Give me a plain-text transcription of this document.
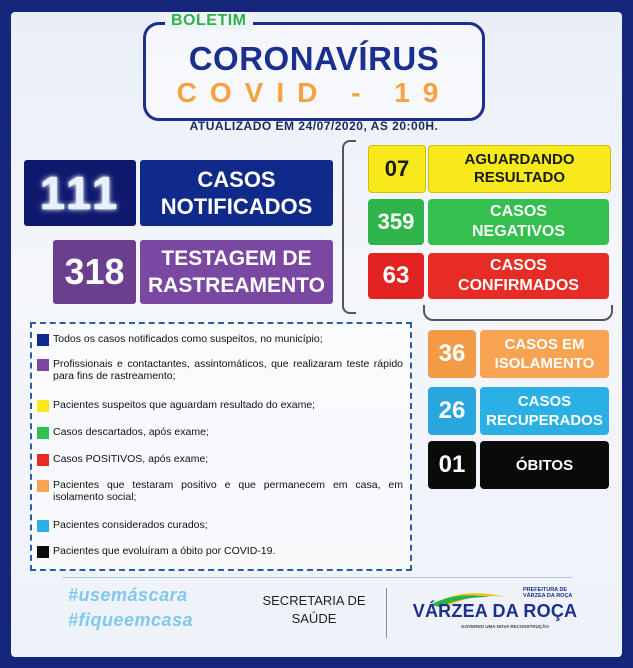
BOLETIM
CORONAVÍRUS
COVID - 19
ATUALIZADO EM 24/07/2020, AS 20:00H.
111	CASOS
NOTIFICADOS
318	TESTAGEM DE
RASTREAMENTO
07	AGUARDANDO
RESULTADO
359	CASOS
NEGATIVOS
63	CASOS
CONFIRMADOS
36	CASOS EM
ISOLAMENTO
26	CASOS
RECUPERADOS
01	ÓBITOS
Todos os casos notificados como suspeitos, no município;
Profissionais e contactantes, assintomáticos, que realizaram teste rápido para fins de rastreamento;
Pacientes suspeitos que aguardam resultado do exame;
Casos descartados, após exame;
Casos POSITIVOS, após exame;
Pacientes que testaram positivo e que permanecem em casa, em isolamento social;
Pacientes considerados curados;
Pacientes que evoluíram a óbito por COVID-19.
#usemáscara
#fiqueemcasa
SECRETARIA DE
SAÚDE
PREFEITURA DE
VÁRZEA DA ROÇA
VÁRZEA DA ROÇA
GOVERNO UMA NOVA RECONSTRUÇÃO
